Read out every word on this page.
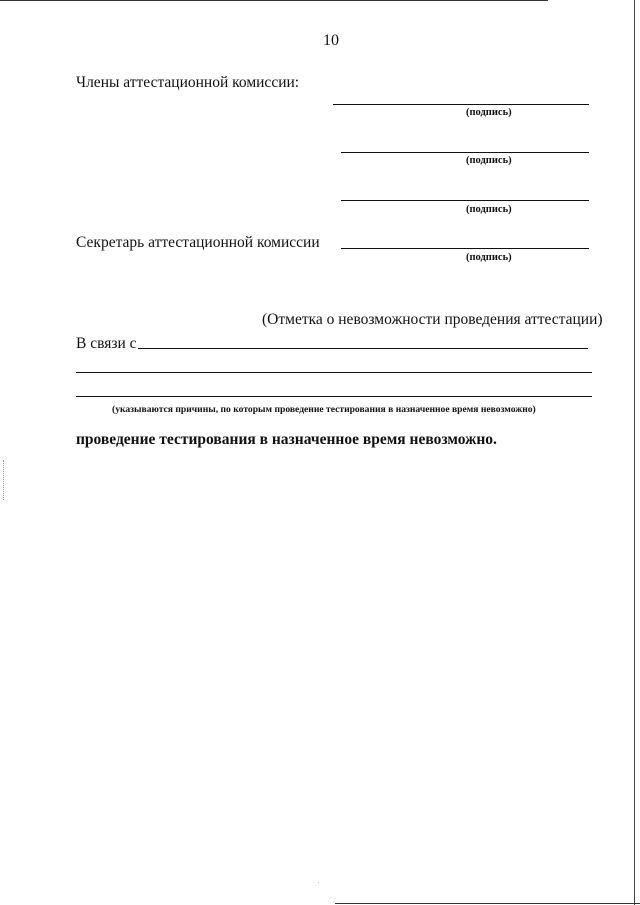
10
Члены аттестационной комиссии:
(подпись)
(подпись)
(подпись)
Секретарь аттестационной комиссии
(подпись)
(Отметка о невозможности проведения аттестации)
В связи с
(указываются причины, по которым проведение тестирования в назначенное время невозможно)
проведение тестирования в назначенное время невозможно.
